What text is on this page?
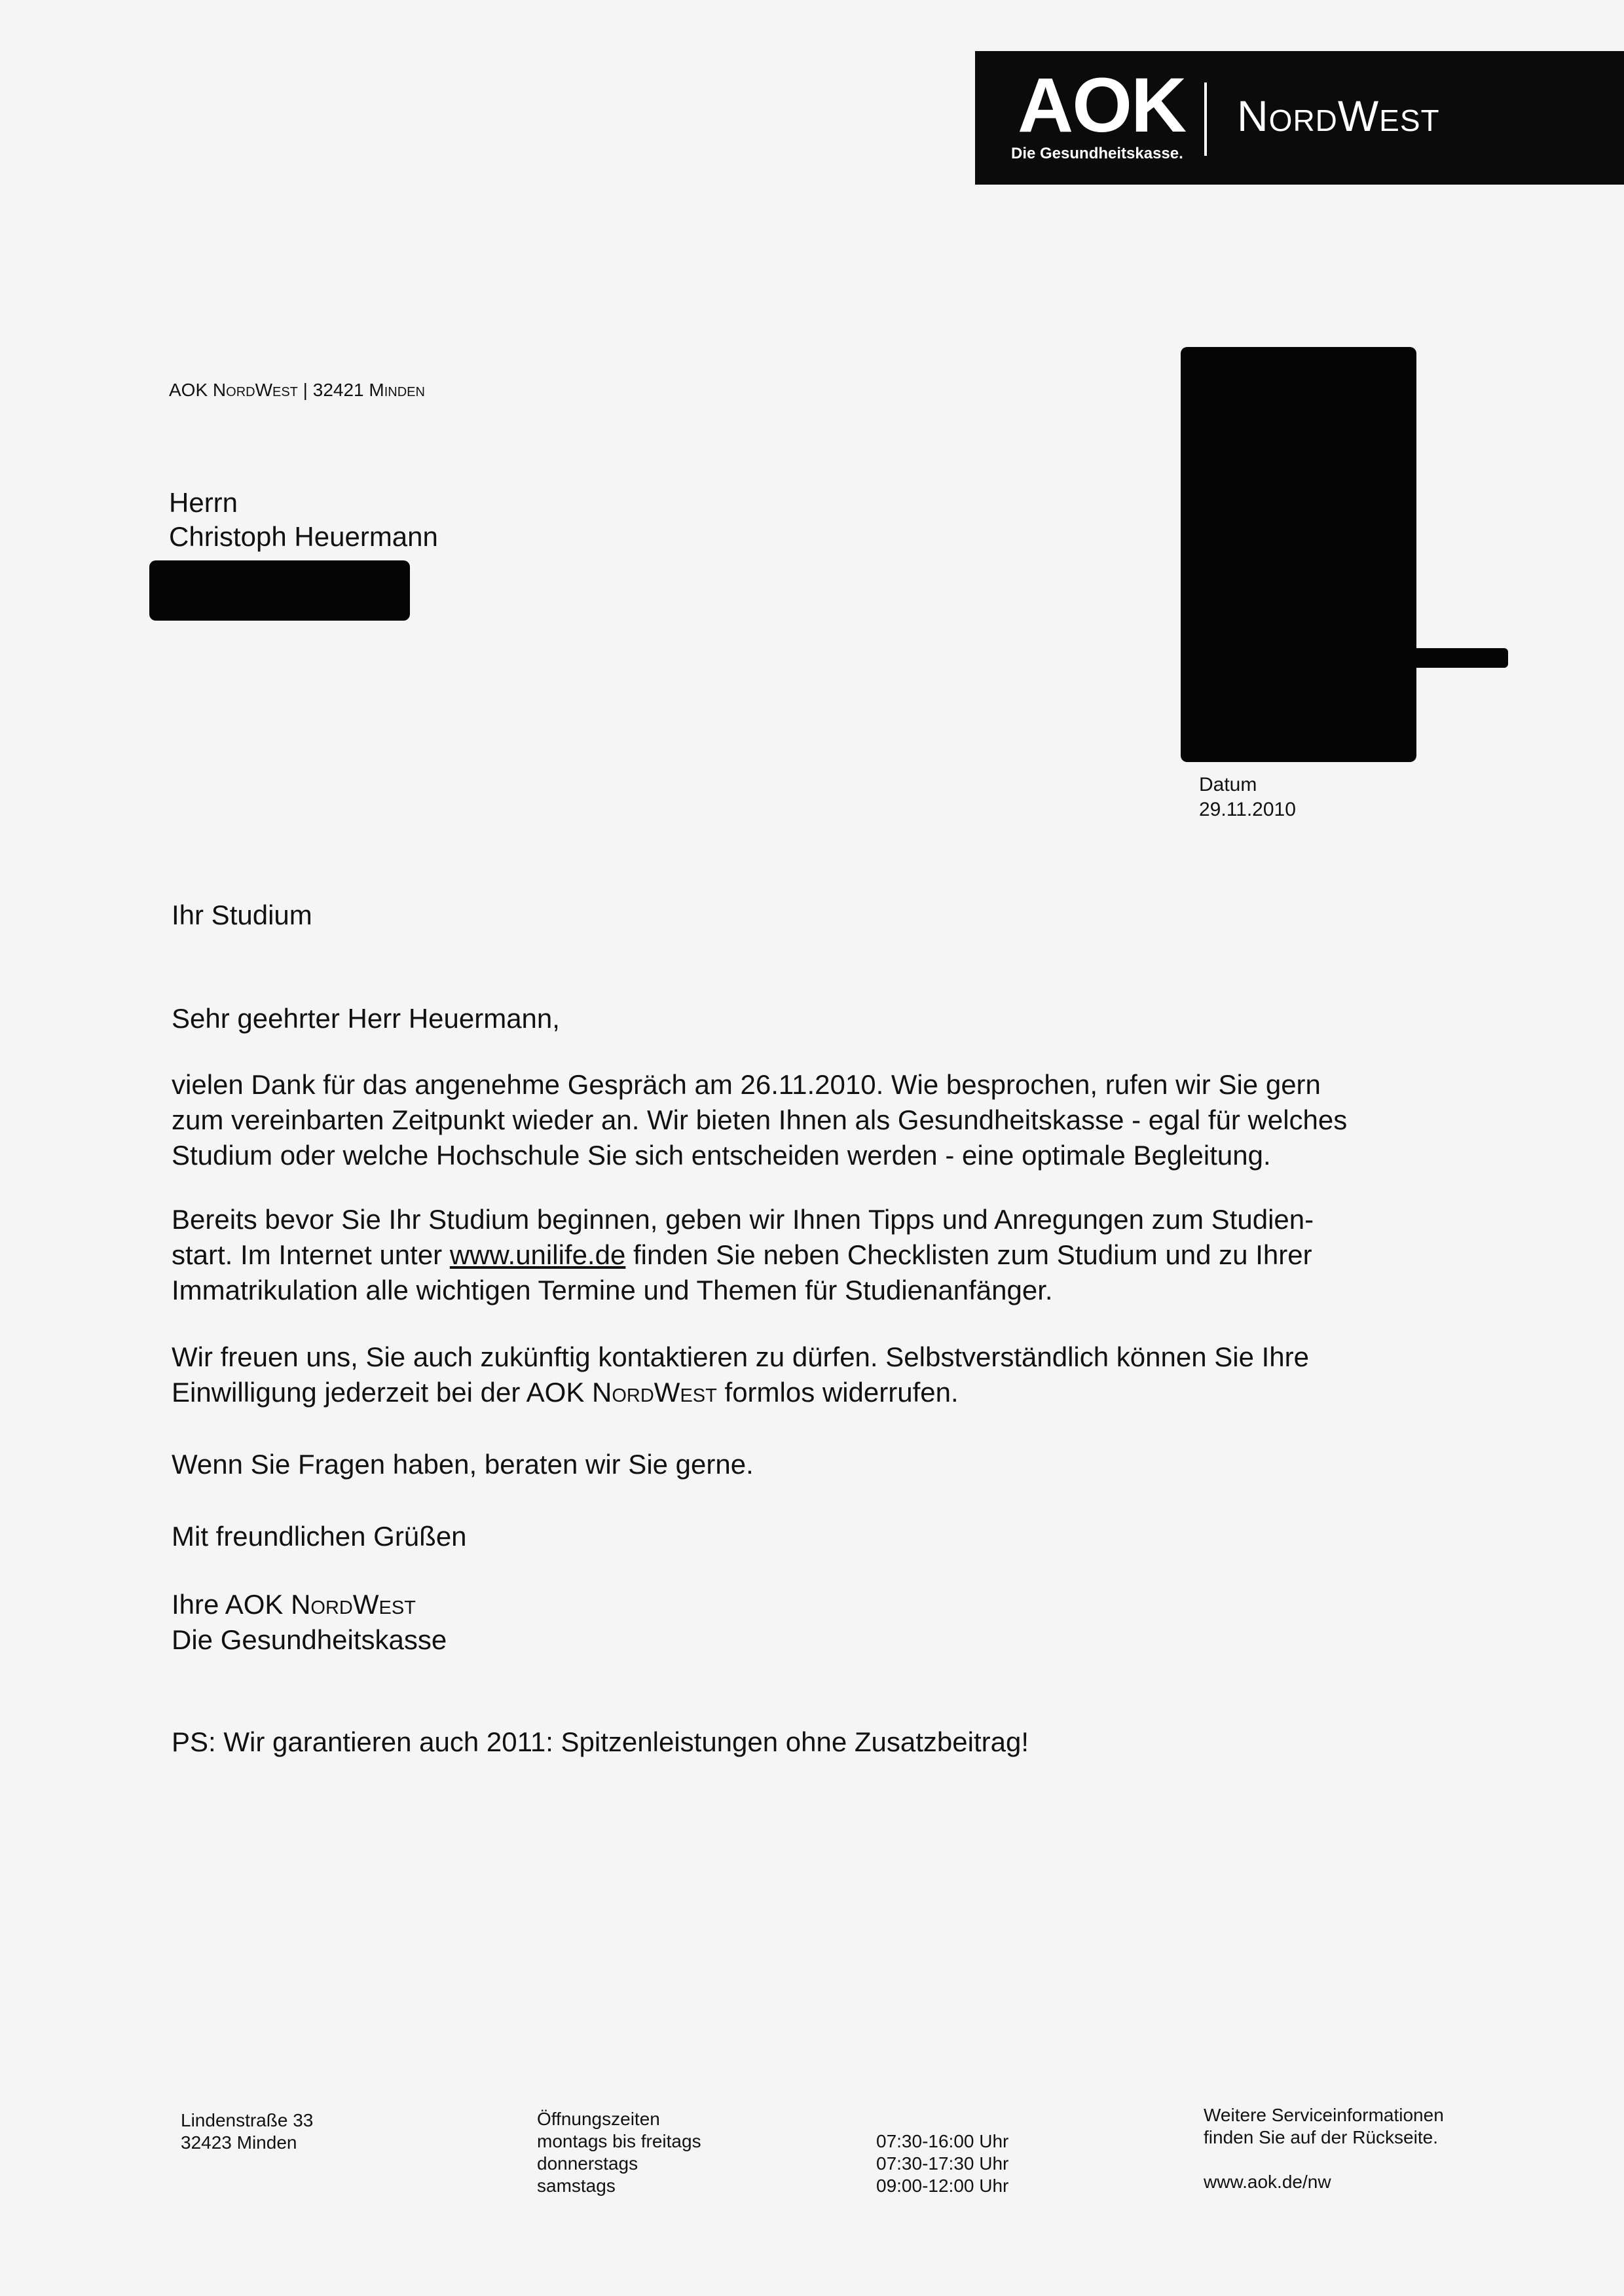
AOK
Die Gesundheitskasse.
NordWest
AOK NordWest | 32421 Minden
Herrn
Christoph Heuermann
Datum
29.11.2010
Ihr Studium
Sehr geehrter Herr Heuermann,
vielen Dank für das angenehme Gespräch am 26.11.2010. Wie besprochen, rufen wir Sie gern
zum vereinbarten Zeitpunkt wieder an. Wir bieten Ihnen als Gesundheitskasse - egal für welches
Studium oder welche Hochschule Sie sich entscheiden werden - eine optimale Begleitung.
Bereits bevor Sie Ihr Studium beginnen, geben wir Ihnen Tipps und Anregungen zum Studien-
start. Im Internet unter www.unilife.de finden Sie neben Checklisten zum Studium und zu Ihrer
Immatrikulation alle wichtigen Termine und Themen für Studienanfänger.
Wir freuen uns, Sie auch zukünftig kontaktieren zu dürfen. Selbstverständlich können Sie Ihre
Einwilligung jederzeit bei der AOK NordWest formlos widerrufen.
Wenn Sie Fragen haben, beraten wir Sie gerne.
Mit freundlichen Grüßen
Ihre AOK NordWest
Die Gesundheitskasse
PS: Wir garantieren auch 2011: Spitzenleistungen ohne Zusatzbeitrag!
Lindenstraße 33
32423 Minden
Öffnungszeiten
montags bis freitags
donnerstags
samstags
07:30-16:00 Uhr
07:30-17:30 Uhr
09:00-12:00 Uhr
Weitere Serviceinformationen
finden Sie auf der Rückseite.
www.aok.de/nw
